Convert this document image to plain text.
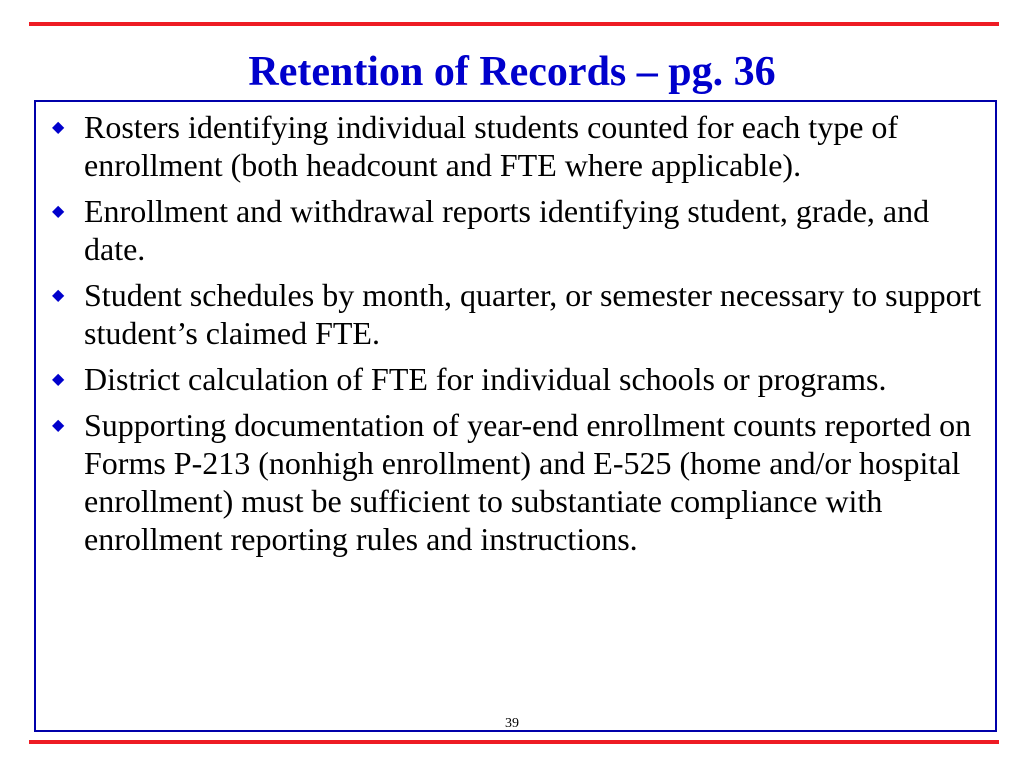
Retention of Records – pg. 36
◆ Rosters identifying individual students counted for each type of enrollment (both headcount and FTE where applicable).
◆ Enrollment and withdrawal reports identifying student, grade, and date.
◆ Student schedules by month, quarter, or semester necessary to support student’s claimed FTE.
◆ District calculation of FTE for individual schools or programs.
◆ Supporting documentation of year-end enrollment counts reported on Forms P-213 (nonhigh enrollment) and E-525 (home and/or hospital enrollment) must be sufficient to substantiate compliance with enrollment reporting rules and instructions.
39
